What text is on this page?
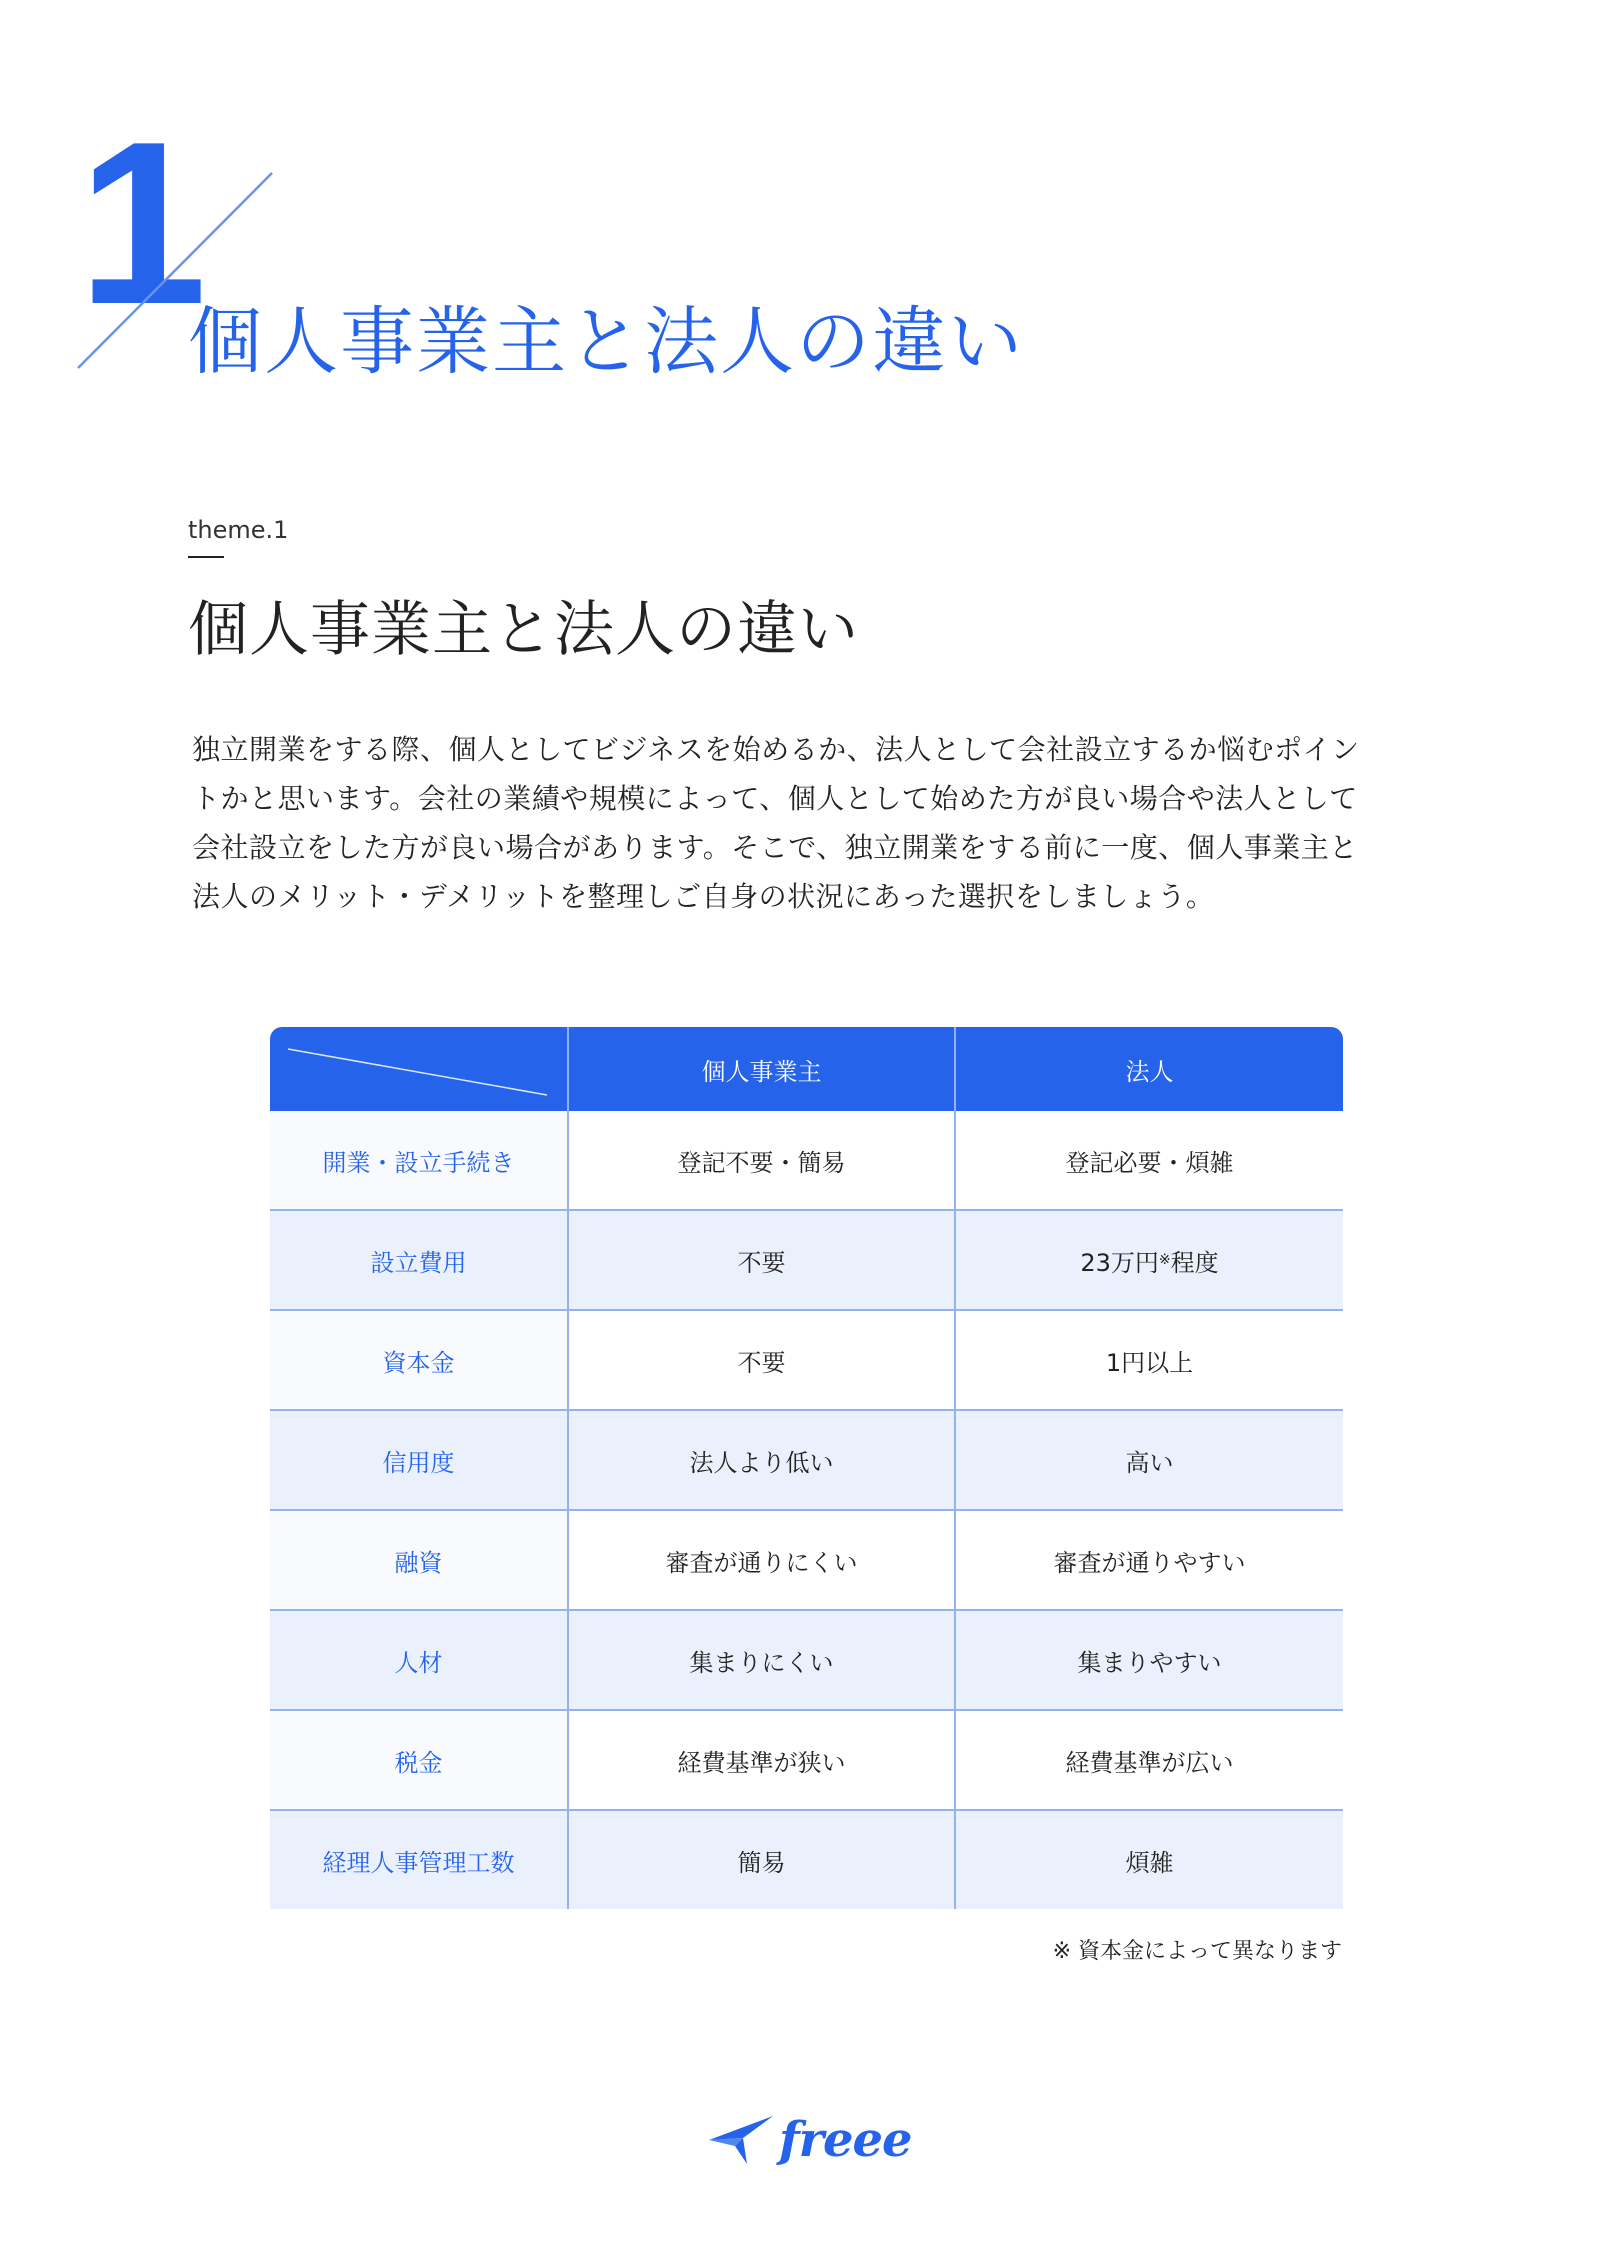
1
個人事業主と法人の違い
theme.1
個人事業主と法人の違い

独立開業をする際、個人としてビジネスを始めるか、法人として会社設立するか悩むポイン

トかと思います。会社の業績や規模によって、個人として始めた方が良い場合や法人として

会社設立をした方が良い場合があります。そこで、独立開業をする前に一度、個人事業主と

法人のメリット・デメリットを整理しご自身の状況にあった選択をしましょう。

	個人事業主	法人
開業・設立手続き	登記不要・簡易	登記必要・煩雑
設立費用	不要	23万円※程度
資本金	不要	1円以上
信用度	法人より低い	高い
融資	審査が通りにくい	審査が通りやすい
人材	集まりにくい	集まりやすい
税金	経費基準が狭い	経費基準が広い
経理人事管理工数	簡易	煩雑
※ 資本金によって異なります
freee
